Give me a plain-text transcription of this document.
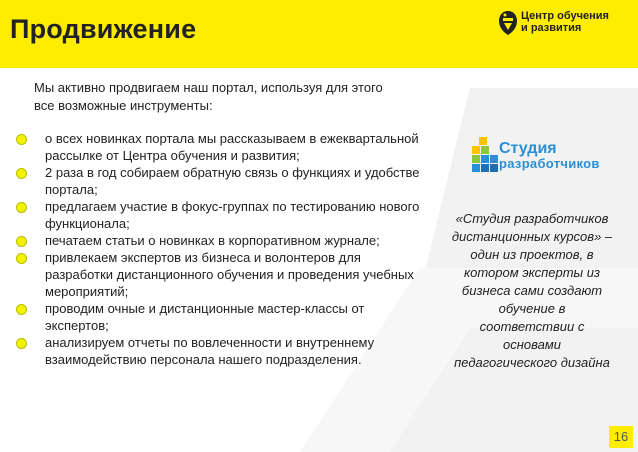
Продвижение	Центр обучения
и развития
Мы активно продвигаем наш портал, используя для этого
все возможные инструменты:
о всех новинках портала мы рассказываем в ежеквартальной рассылке от Центра обучения и развития;
2 раза в год собираем обратную связь о функциях и удобстве портала;
предлагаем участие в фокус-группах по тестированию нового функционала;
печатаем статьи о новинках в корпоративном журнале;
привлекаем экспертов из бизнеса и волонтеров для разработки дистанционного обучения и проведения учебных мероприятий;
проводим очные и дистанционные мастер-классы от экспертов;
анализируем отчеты по вовлеченности и внутреннему взаимодействию персонала нашего подразделения.
Студия
разработчиков
«Студия разработчиков
дистанционных курсов» –
один из проектов, в
котором эксперты из
бизнеса сами создают
обучение в
соответствии с
основами
педагогического дизайна
16
